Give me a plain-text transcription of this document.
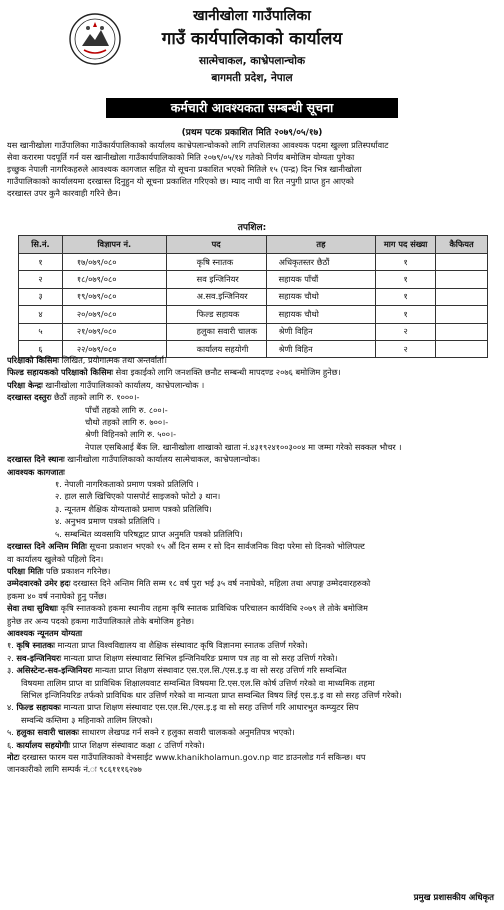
खानीखोला गाउँपालिका
गाउँ कार्यपालिकाको कार्यालय
सात्मेचाकल, काभ्रेपलान्चोक
बागमती प्रदेश, नेपाल
कर्मचारी आवश्यकता सम्बन्धी सूचना
(प्रथम पटक प्रकाशित मिति २०७९/०५/१७)
यस खानीखोला गाउँपालिका गाउँकार्यपालिकाको कार्यालय काभ्रेपलान्चोकको लागि तपशिलका आवश्यक पदमा खुल्ला प्रतिस्पर्धावाट
सेवा करारमा पदपूर्ति गर्न यस खानीखोला गाउँकार्यपालिकाको मिति २०७९/०५/१४ गतेको निर्णय बमोजिम योग्यता पुगेका
इच्छुक नेपाली नागरिकहरुले आवश्यक कागजात सहित यो सूचना प्रकाशित भएको मितिले १५ (पन्द्र) दिन भित्र खानीखोला
गाउँपालिकाको कार्यालयमा दरखास्त दिनुहुन यो सूचना प्रकाशित गरिएको छ। म्याद नाघी वा रित नपुगी प्राप्त हुन आएको
दरखास्त उपर कुनै कारवाही गरिने छैन।
तपशिल:
सि.नं.	विज्ञापन नं.	पद	तह	माग पद संख्या	कैफियत
१	१७/०७९/०८०	कृषि स्नातक	अधिकृतस्तर छैठौं	१	
२	१८/०७९/०८०	सव इन्जिनियर	सहायक पाँचौं	१	
३	१९/०७९/०८०	अ.सव.इन्जिनियर	सहायक चौथो	१	
४	२०/०७९/०८०	फिल्ड सहायक	सहायक चौथो	१	
५	२१/०७९/०८०	हलुका सवारी चालक	श्रेणी विहिन	२	
६	२२/०७९/०८०	कार्यालय सहयोगी	श्रेणी विहिन	२	
परिक्षाको किसिमः लिखित, प्रयोगात्मक तथा अन्तर्वार्ता।
फिल्ड सहायकको परिक्षाको किसिमः सेवा इकाईको लागि जनशक्ति छनौट सम्बन्धी मापदण्ड २०७६ बमोजिम हुनेछ।
परिक्षा केन्द्रः खानीखोला गाउँपालिकाको कार्यालय, काभ्रेपलान्चोक ।
दरखास्त दस्तुरः छैठौं तहको लागि रु. १०००।-
पाँचौं तहको लागि रु. ८००।-
चौथो तहको लागि रु. ७००।-
श्रेणी विहिनको लागि रु. ५००।-
नेपाल एसबिआई बैंक लि. खानीखोला शाखाको खाता नं.४३१९२४१००३००४ मा जम्मा गरेको सक्कल भौचर ।
दरखास्त दिने स्थानः खानीखोला गाउँपालिकाको कार्यालय सात्मेचाकल, काभ्रेपलान्चोक।
आवश्यक कागजातः
१. नेपाली नागरिकताको प्रमाण पत्रको प्रतिलिपि ।
२. हाल सालै खिचिएको पासपोर्ट साइजको फोटो ३ थान।
३. न्यूनतम शैक्षिक योग्यताको प्रमाण पत्रको प्रतिलिपि।
४. अनुभव प्रमाण पत्रको प्रतिलिपि ।
५. सम्बन्धित व्यवसायि परिषद्वाट प्राप्त अनुमति पत्रको प्रतिलिपि।
दरखास्त दिने अन्तिम मितिः सूचना प्रकाशन भएको १५ औं दिन सम्म र सो दिन सार्वजनिक विदा परेमा सो दिनको भोलिपल्ट
वा कार्यालय खुलेको पहिलो दिन।
परिक्षा मितिः पछि प्रकाशन गरिनेछ।
उम्मेदवारको उमेर हदः दरखास्त दिने अन्तिम मिति सम्म १८ वर्ष पुरा भई ३५ वर्ष ननाघेको, महिला तथा अपाङ्ग उम्मेदवारहरुको
हकमा ४० वर्ष ननाघेको हुनु पर्नेछ।
सेवा तथा सुविधाः कृषि स्नातकको हकमा स्थानीय तहमा कृषि स्नातक प्राविधिक परिचालन कार्यविधि २०७९ ले तोके बमोजिम
हुनेछ तर अन्य पदको हकमा गाउँपालिकाले तोके बमोजिम हुनेछ।
आवश्यक न्यूनतम योग्यता
१. कृषि स्नातकः मान्यता प्राप्त विश्वविद्यालय वा शैक्षिक संस्थावाट कृषि विज्ञानमा स्नातक उत्तिर्ण गरेको।
२. सव-इन्जिनियरः मान्यता प्राप्त शिक्षण संस्थावाट सिभिल इन्जिनियरिङ प्रमाण पत्र तह वा सो सरह उत्तिर्ण गरेको।
३. असिस्टेन्ट-सव-इन्जिनियरः मान्यता प्राप्त शिक्षण संस्थावाट एस.एल.सि./एस.इ.इ वा सो सरह उत्तिर्ण गरि सम्वन्धित
विषयमा तालिम प्राप्त वा प्राविधिक शिक्षालयवाट सम्वन्धित विषयमा टि.एस.एल.सि कोर्ष उत्तिर्ण गरेको वा माध्यमिक तहमा
सिभिल इन्जिनियरिङ तर्फको प्राविधिक धार उत्तिर्ण गरेको वा मान्यता प्राप्त सम्वन्धित विषय लिई एस.इ.इ वा सो सरह उत्तिर्ण गरेको।
४. फिल्ड सहायकः मान्यता प्राप्त शिक्षण संस्थावाट एस.एल.सि./एस.इ.इ वा सो सरह उत्तिर्ण गरि आधारभुत कम्प्युटर सिप
सम्वन्धि कम्तिमा ३ महिनाको तालिम लिएको।
५. हलुका सवारी चालकः साधारण लेखपढ गर्न सक्ने र हलुका सवारी चालकको अनुमतिपत्र भएको।
६. कार्यालय सहयोगीः प्राप्त शिक्षण संस्थावाट कक्षा ८ उत्तिर्ण गरेको।
नोटः दरखास्त फारम यस गाउँपालिकाको वेभसाईट www.khanikholamun.gov.np वाट डाउनलोड गर्न सकिन्छ। थप
जानकारीको लागि सम्पर्क नं.ः ९८६१११६२७७
प्रमुख प्रशासकीय अधिकृत
